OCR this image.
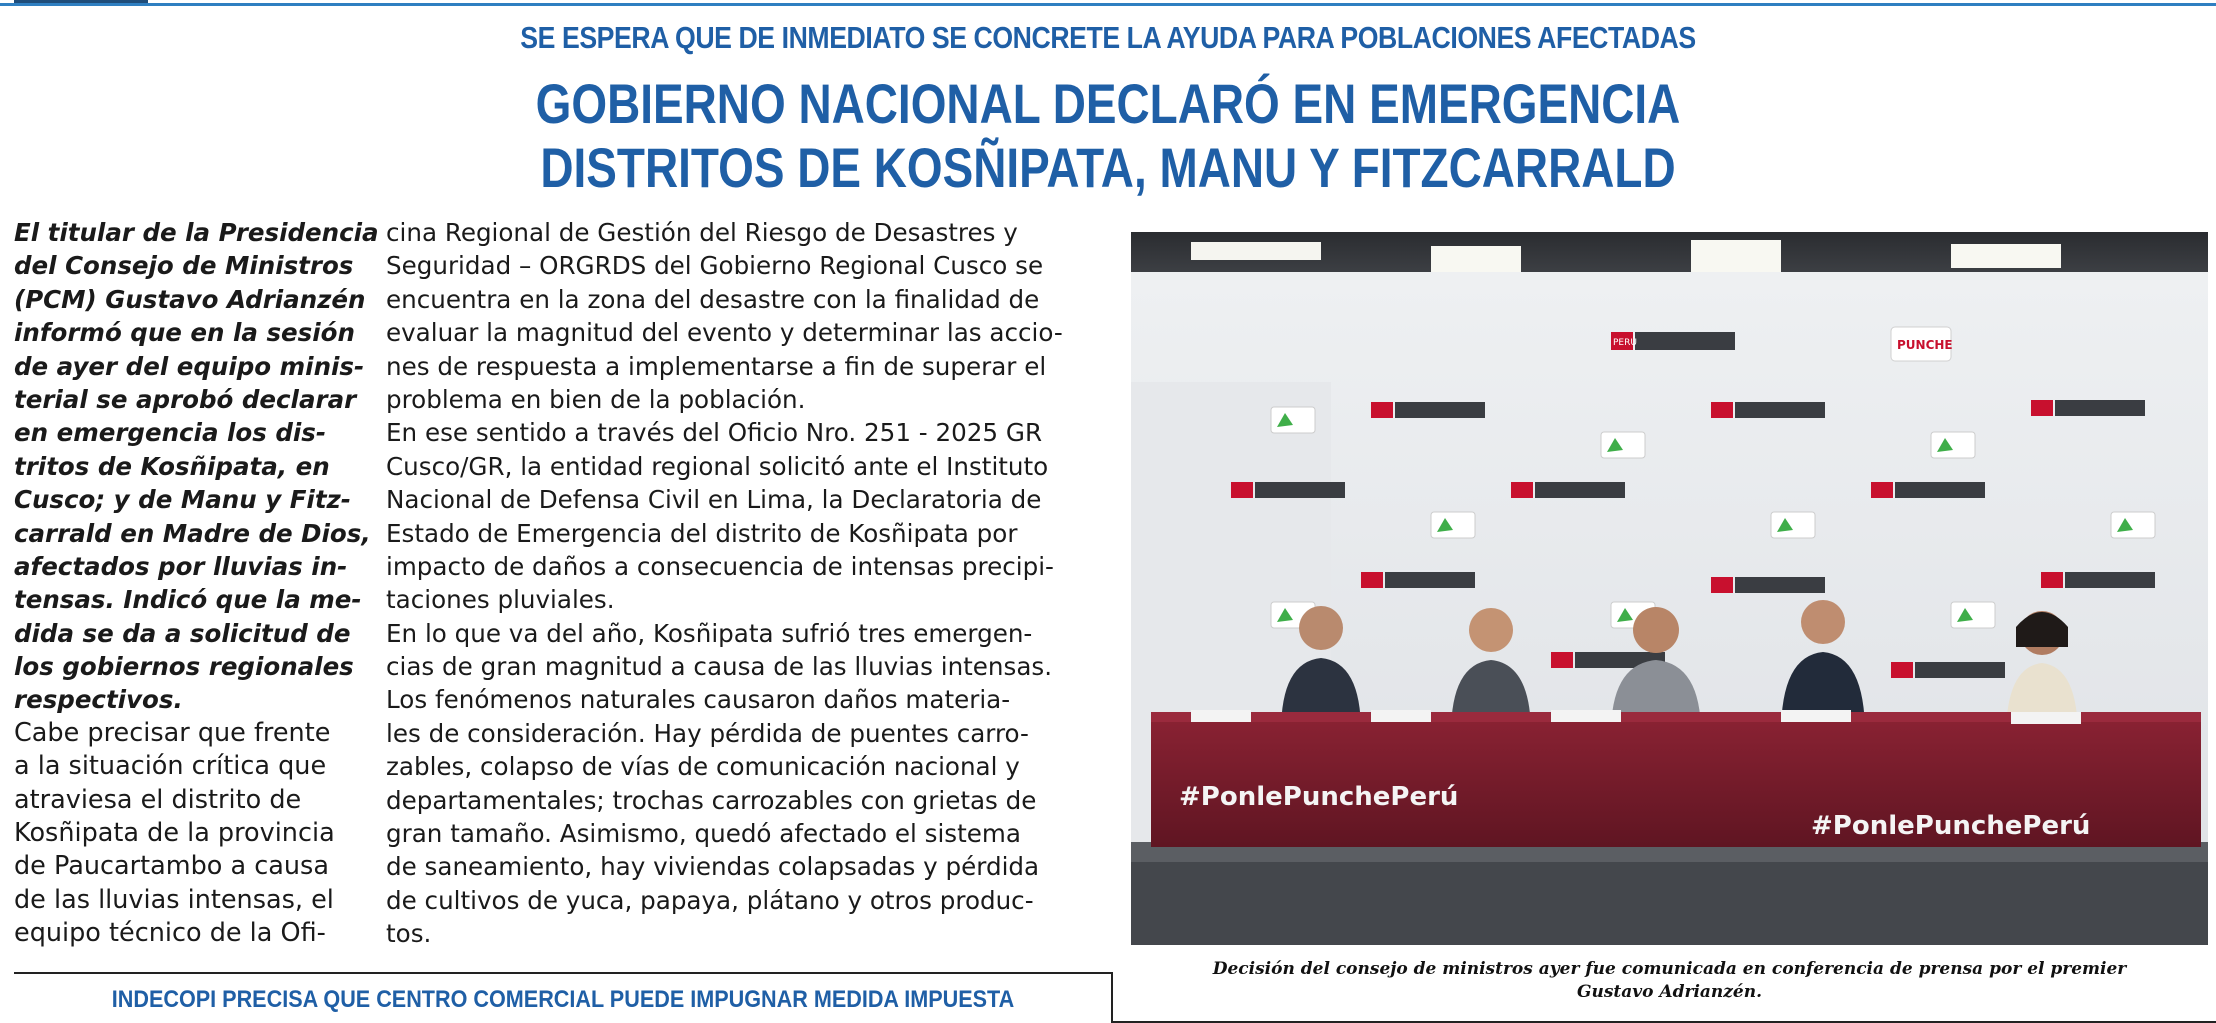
SE ESPERA QUE DE INMEDIATO SE CONCRETE LA AYUDA PARA POBLACIONES AFECTADAS
GOBIERNO NACIONAL DECLARÓ EN EMERGENCIA
DISTRITOS DE KOSÑIPATA, MANU Y FITZCARRALD
El titular de la Presidencia
del Consejo de Ministros
(PCM) Gustavo Adrianzén
informó que en la sesión
de ayer del equipo minis-
terial se aprobó declarar
en emergencia los dis-
tritos de Kosñipata, en
Cusco; y de Manu y Fitz-
carrald en Madre de Dios,
afectados por lluvias in-
tensas. Indicó que la me-
dida se da a solicitud de
los gobiernos regionales
respectivos.
Cabe precisar que frente
a la situación crítica que
atraviesa el distrito de
Kosñipata de la provincia
de Paucartambo a causa
de las lluvias intensas, el
equipo técnico de la Ofi-
cina Regional de Gestión del Riesgo de Desastres y
Seguridad – ORGRDS del Gobierno Regional Cusco se
encuentra en la zona del desastre con la finalidad de
evaluar la magnitud del evento y determinar las accio-
nes de respuesta a implementarse a fin de superar el
problema en bien de la población.
En ese sentido a través del Oficio Nro. 251 - 2025 GR
Cusco/GR, la entidad regional solicitó ante el Instituto
Nacional de Defensa Civil en Lima, la Declaratoria de
Estado de Emergencia del distrito de Kosñipata por
impacto de daños a consecuencia de intensas precipi-
taciones pluviales.
En lo que va del año, Kosñipata sufrió tres emergen-
cias de gran magnitud a causa de las lluvias intensas.
Los fenómenos naturales causaron daños materia-
les de consideración. Hay pérdida de puentes carro-
zables, colapso de vías de comunicación nacional y
departamentales; trochas carrozables con grietas de
gran tamaño. Asimismo, quedó afectado el sistema
de saneamiento, hay viviendas colapsadas y pérdida
de cultivos de yuca, papaya, plátano y otros produc-
tos.
PERÚ	PUNCHE
#PonlePunchePerú
#PonlePunchePerú
Decisión del consejo de ministros ayer fue comunicada en conferencia de prensa por el premier
Gustavo Adrianzén.
INDECOPI PRECISA QUE CENTRO COMERCIAL PUEDE IMPUGNAR MEDIDA IMPUESTA
